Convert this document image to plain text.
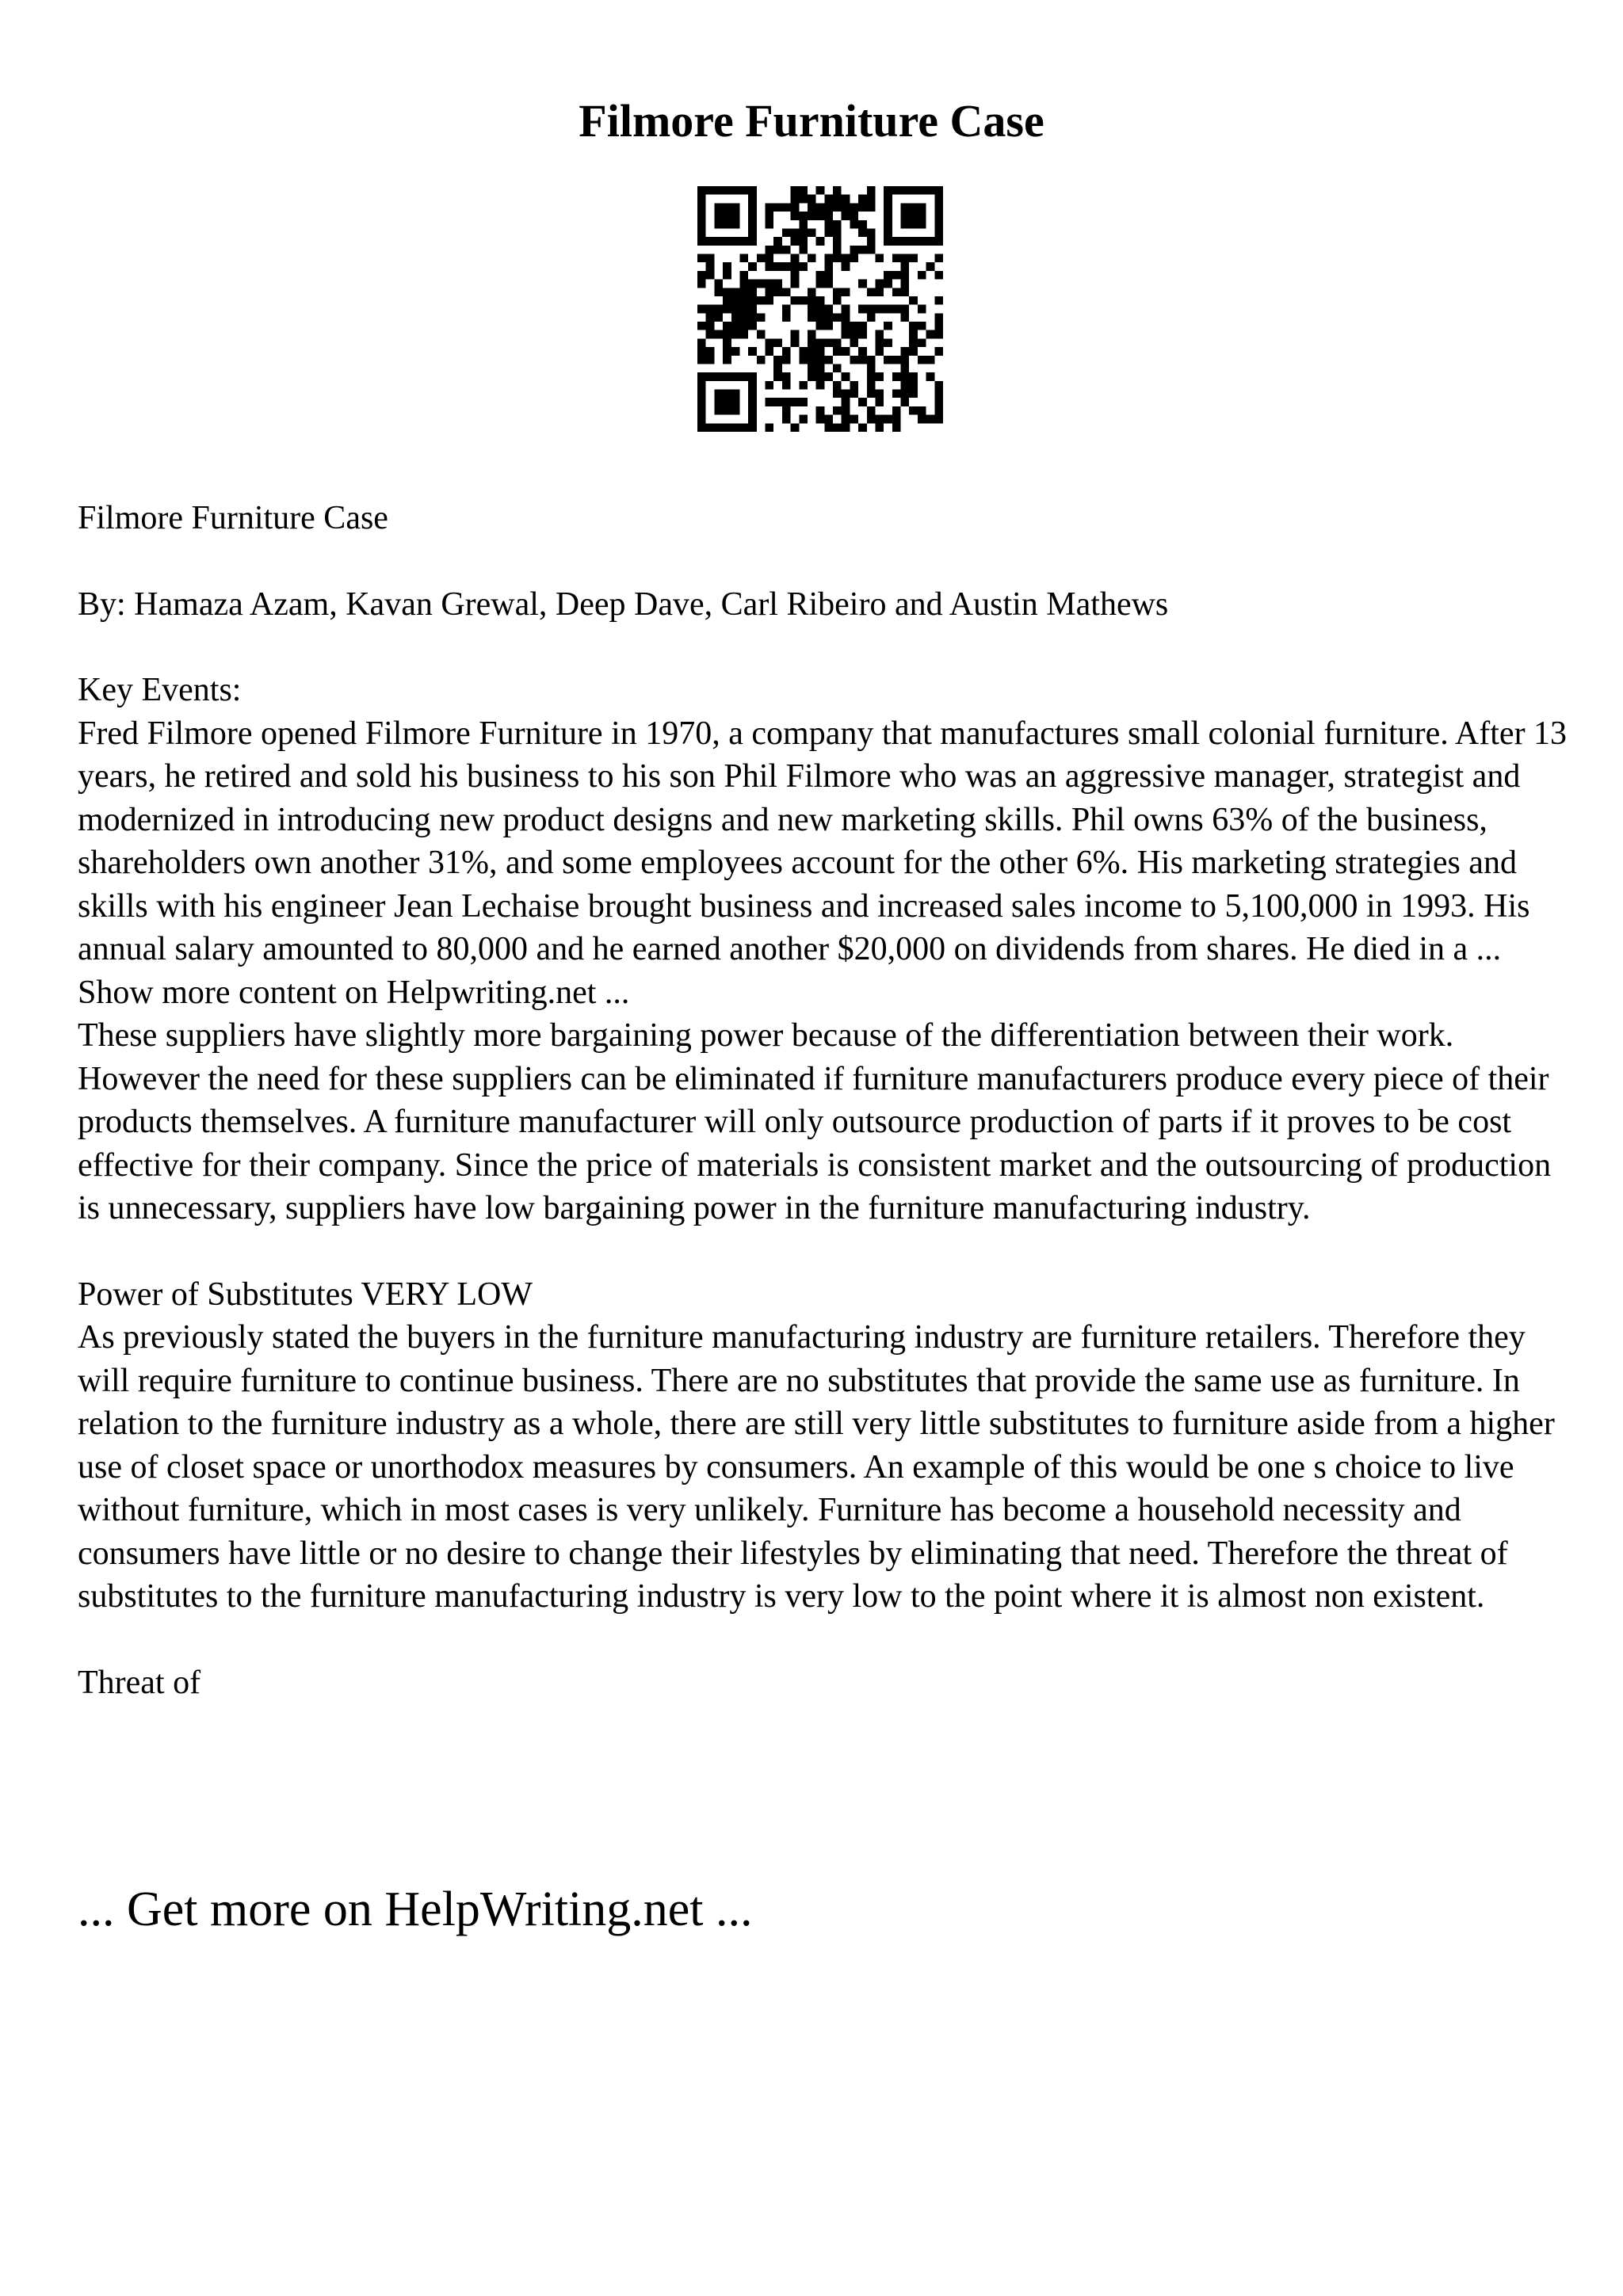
Filmore Furniture Case

Filmore Furniture Case

By: Hamaza Azam, Kavan Grewal, Deep Dave, Carl Ribeiro and Austin Mathews

Key Events:

Fred Filmore opened Filmore Furniture in 1970, a company that manufactures small colonial furniture. After 13 years, he retired and sold his business to his son Phil Filmore who was an aggressive manager, strategist and modernized in introducing new product designs and new marketing skills. Phil owns 63% of the business, shareholders own another 31%, and some employees account for the other 6%. His marketing strategies and skills with his engineer Jean Lechaise brought business and increased sales income to 5,100,000 in 1993. His annual salary amounted to 80,000 and he earned another $20,000 on dividends from shares. He died in a ... Show more content on Helpwriting.net ...

These suppliers have slightly more bargaining power because of the differentiation between their work. However the need for these suppliers can be eliminated if furniture manufacturers produce every piece of their products themselves. A furniture manufacturer will only outsource production of parts if it proves to be cost effective for their company. Since the price of materials is consistent market and the outsourcing of production is unnecessary, suppliers have low bargaining power in the furniture manufacturing industry.

Power of Substitutes VERY LOW

As previously stated the buyers in the furniture manufacturing industry are furniture retailers. Therefore they will require furniture to continue business. There are no substitutes that provide the same use as furniture. In relation to the furniture industry as a whole, there are still very little substitutes to furniture aside from a higher use of closet space or unorthodox measures by consumers. An example of this would be one s choice to live without furniture, which in most cases is very unlikely. Furniture has become a household necessity and consumers have little or no desire to change their lifestyles by eliminating that need. Therefore the threat of substitutes to the furniture manufacturing industry is very low to the point where it is almost non existent.

Threat of

... Get more on HelpWriting.net ...
